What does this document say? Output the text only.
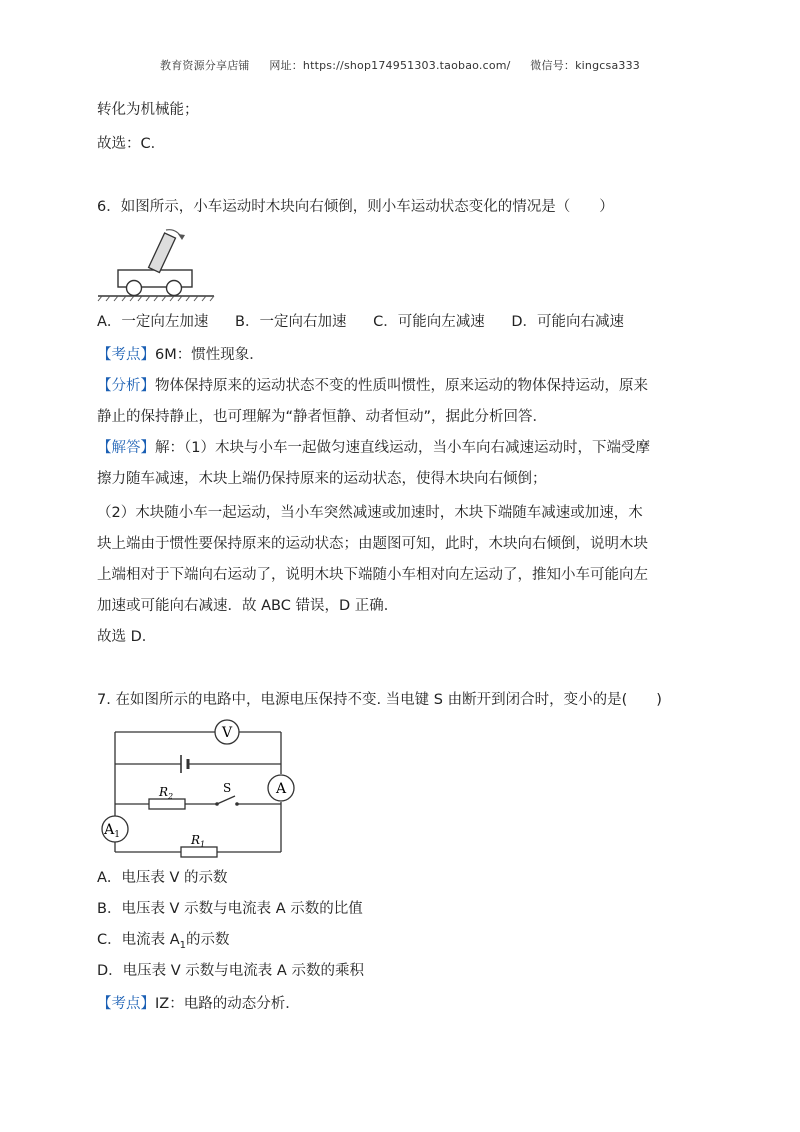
教育资源分享店铺 网址：https://shop174951303.taobao.com/ 微信号：kingcsa333
转化为机械能；
故选：C．
6．如图所示，小车运动时木块向右倾倒，则小车运动状态变化的情况是（　　）
A．一定向左加速 B．一定向右加速 C．可能向左减速 D．可能向右减速
【考点】6M：惯性现象．
【分析】物体保持原来的运动状态不变的性质叫惯性，原来运动的物体保持运动，原来
静止的保持静止，也可理解为“静者恒静、动者恒动”，据此分析回答．
【解答】解：（1）木块与小车一起做匀速直线运动，当小车向右减速运动时，下端受摩
擦力随车减速，木块上端仍保持原来的运动状态，使得木块向右倾倒；
（2）木块随小车一起运动，当小车突然减速或加速时，木块下端随车减速或加速，木
块上端由于惯性要保持原来的运动状态；由题图可知，此时，木块向右倾倒，说明木块
上端相对于下端向右运动了，说明木块下端随小车相对向左运动了，推知小车可能向左
加速或可能向右减速．故 ABC 错误，D 正确．
故选 D．
7. 在如图所示的电路中，电源电压保持不变. 当电键 S 由断开到闭合时，变小的是(　　)
V
A
$A_1$
$R_2$
S
$R_1$
A．电压表 V 的示数
B．电压表 V 示数与电流表 A 示数的比值
C．电流表 $A_1$的示数
D．电压表 V 示数与电流表 A 示数的乘积
【考点】IZ：电路的动态分析．
